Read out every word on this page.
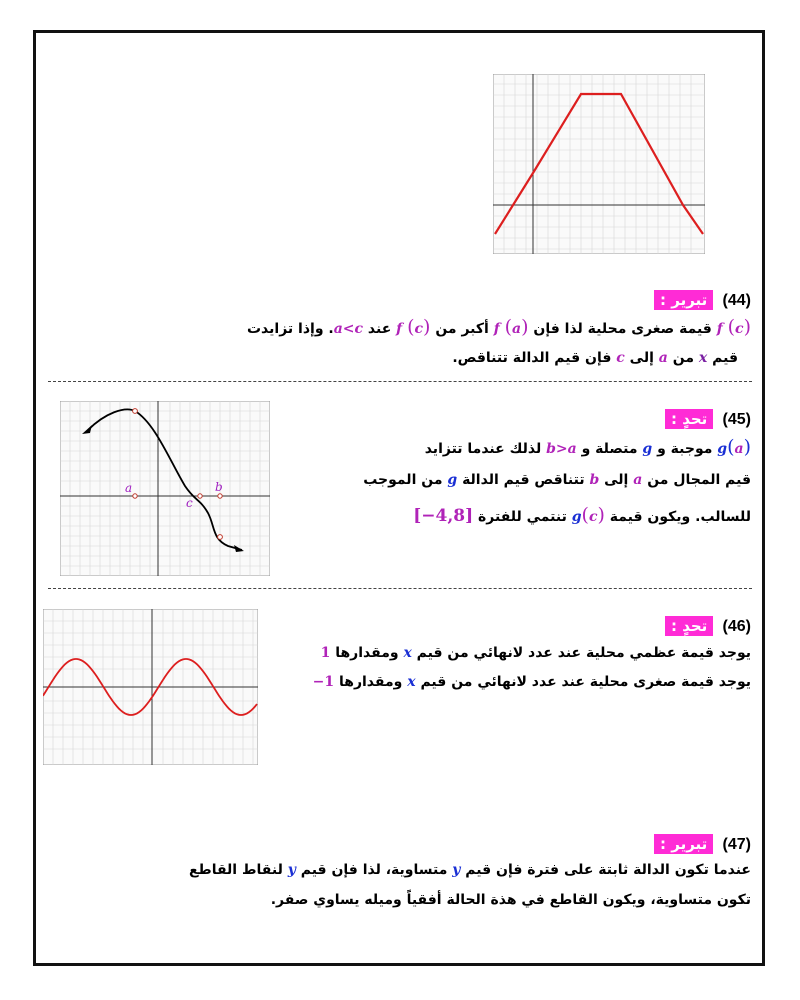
(44) تبرير :
f (c) قيمة صغرى محلية لذا فإن f (a) أكبر من f (c) عند a<c. وإذا تزايدت
قيم x من a إلى c فإن قيم الدالة تتناقص.
a	b
c
(45) تحدٍ :
(a)g موجبة و g متصلة و b>a لذلك عندما تتزايد
قيم المجال من a إلى b تتناقص قيم الدالة g من الموجب
للسالب. ويكون قيمة g(c) تنتمي للفترة [−4,8]
(46) تحدٍ :
يوجد قيمة عظمي محلية عند عدد لانهائي من قيم x ومقدارها 1
يوجد قيمة صغرى محلية عند عدد لانهائي من قيم x ومقدارها 1−
(47) تبرير :
عندما تكون الدالة ثابتة على فترة فإن قيم y متساوية، لذا فإن قيم y لنقاط القاطع
تكون متساوية، ويكون القاطع في هذة الحالة أفقياً وميله يساوي صفر.
